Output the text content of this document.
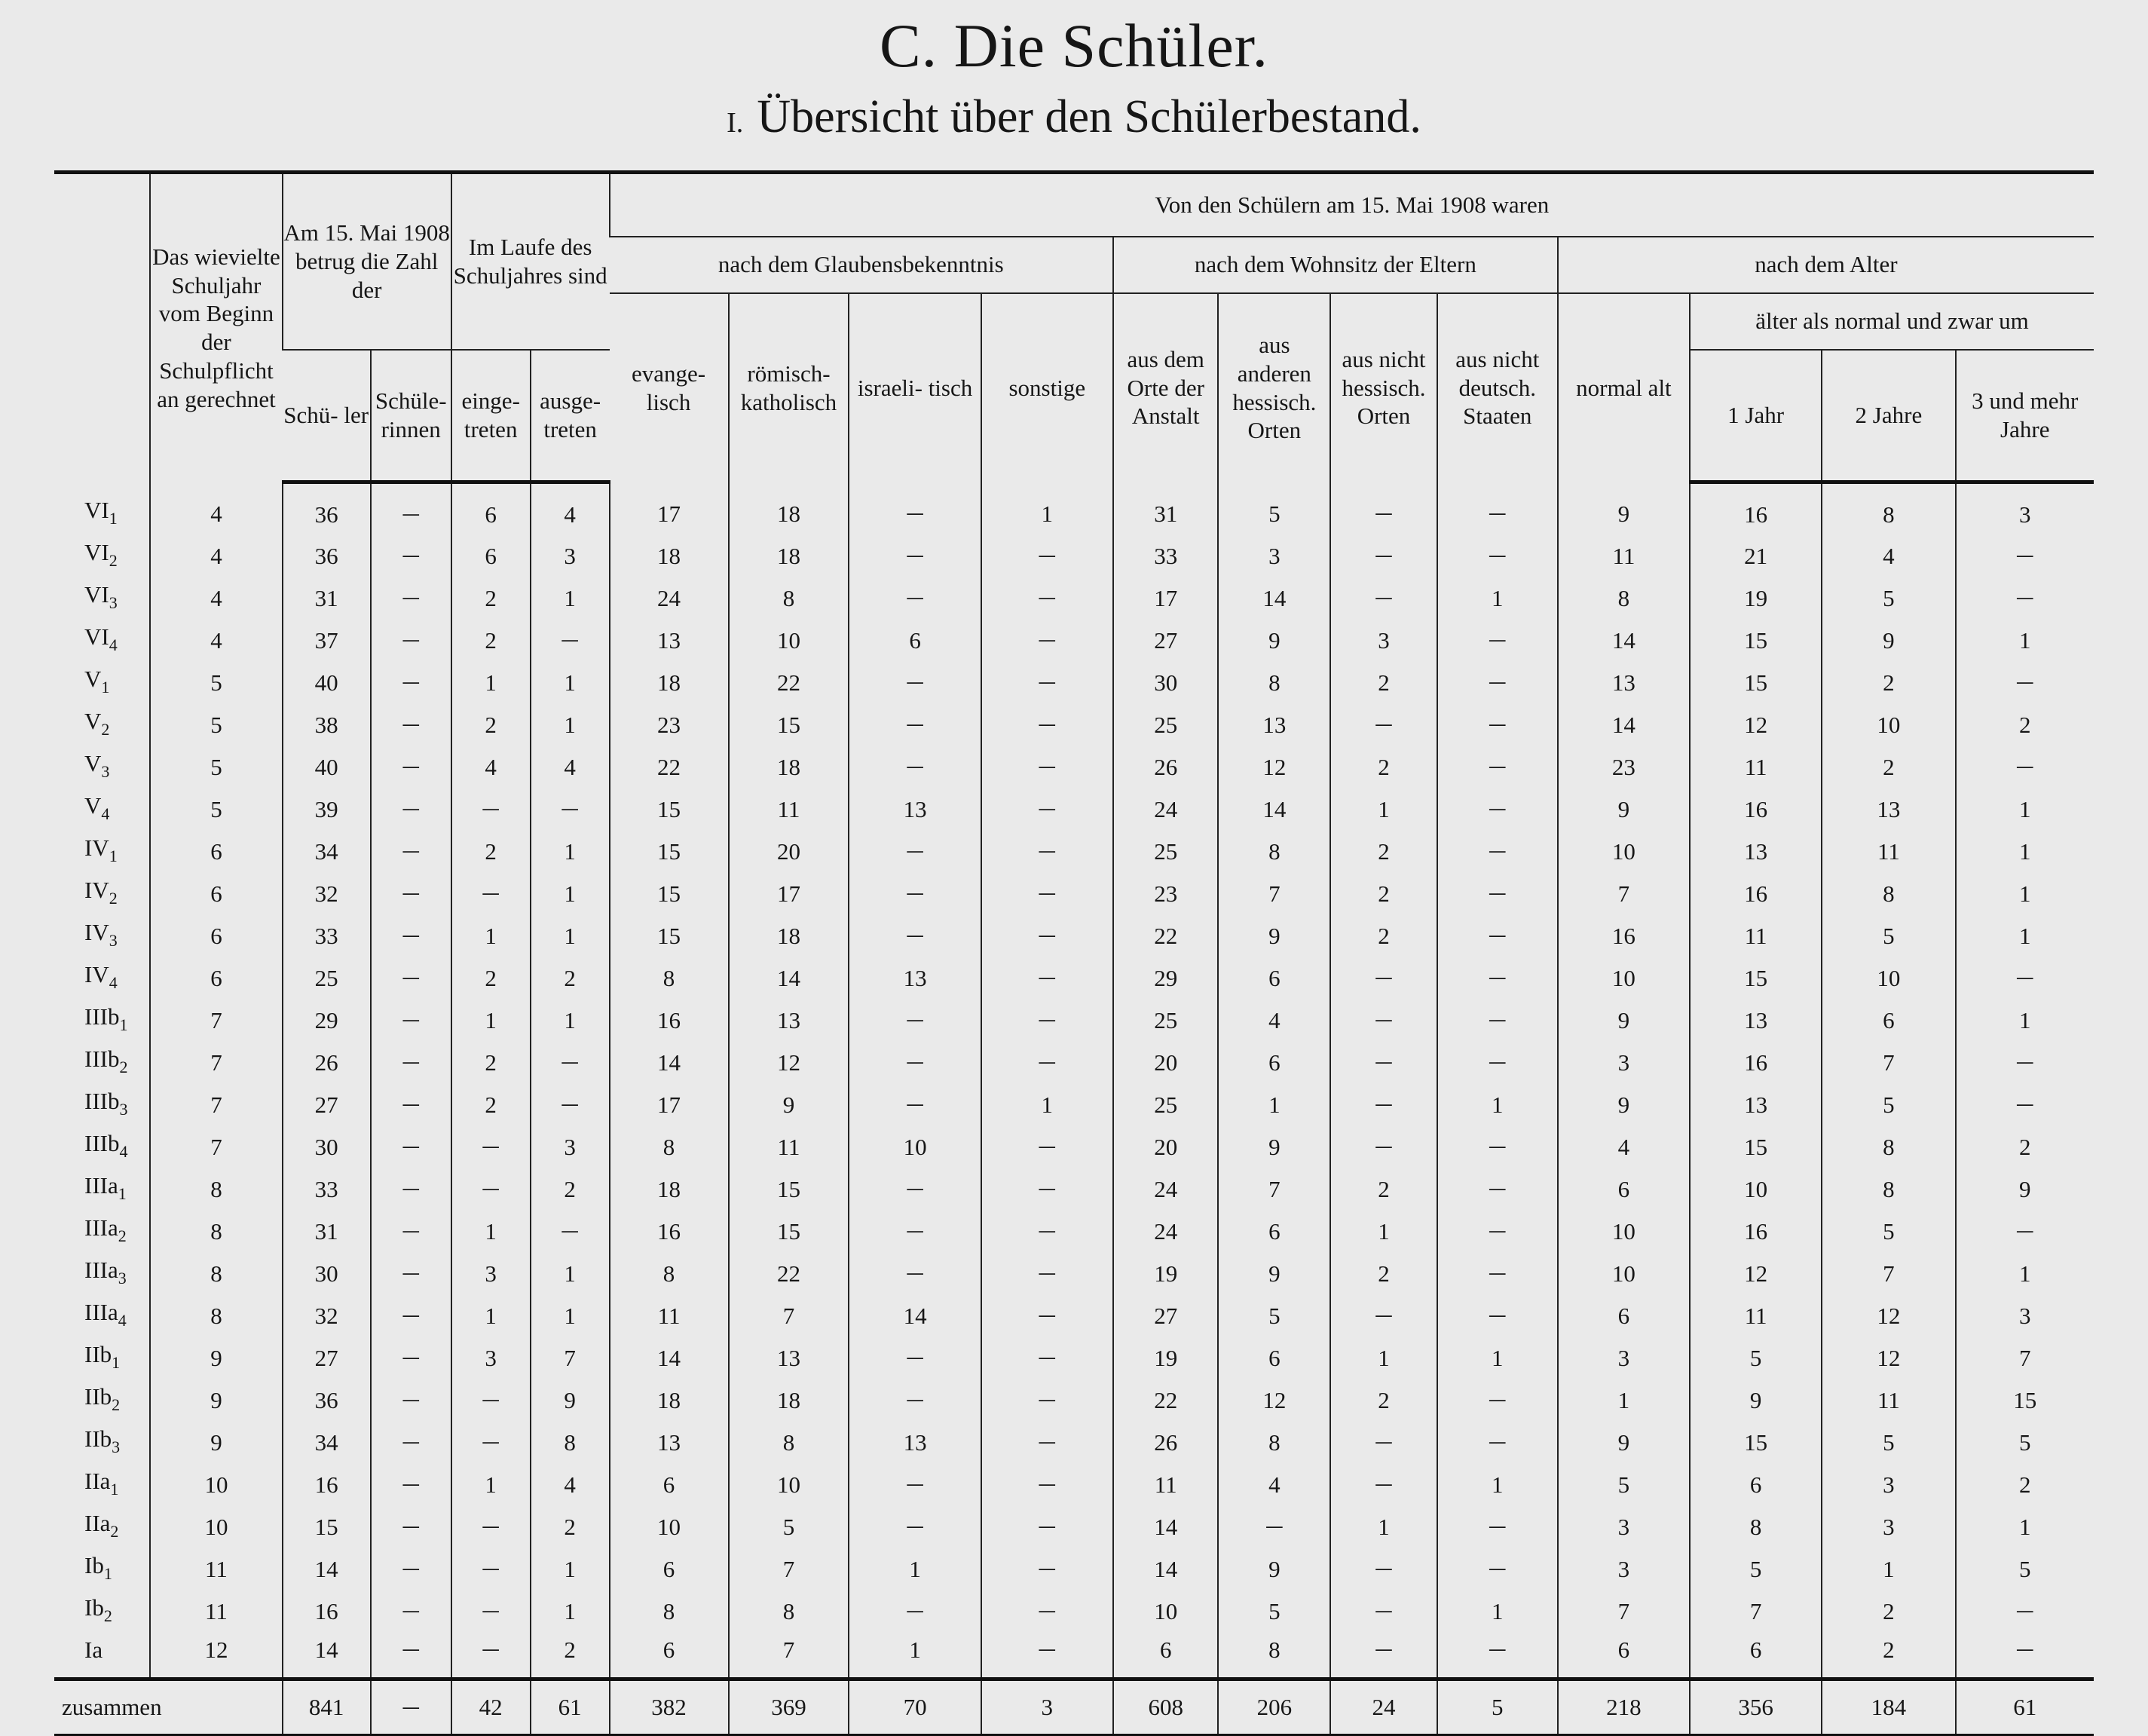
C. Die Schüler.
I. Übersicht über den Schülerbestand.
	Das wievielte Schuljahr vom Beginn der Schulpflicht an gerechnet	Am 15. Mai 1908 betrug die Zahl der		Im Laufe des Schuljahres sind		Von den Schülern am 15. Mai 1908 waren											
						nach dem Glaubensbekenntnis				nach dem Wohnsitz der Eltern				nach dem Alter			
						evange- lisch	römisch- katholisch	israeli- tisch	sonstige	aus dem Orte der Anstalt	aus anderen hessisch. Orten	aus nicht hessisch. Orten	aus nicht deutsch. Staaten	normal alt	älter als normal und zwar um		
		Schü- ler	Schüle- rinnen	einge- treten	ausge- treten										1 Jahr	2 Jahre	3 und mehr Jahre
$VI_1$	4	36	—	6	4	17	18	—	1	31	5	—	—	9	16	8	3
$VI_2$	4	36	—	6	3	18	18	—	—	33	3	—	—	11	21	4	—
$VI_3$	4	31	—	2	1	24	8	—	—	17	14	—	1	8	19	5	—
$VI_4$	4	37	—	2	—	13	10	6	—	27	9	3	—	14	15	9	1
$V_1$	5	40	—	1	1	18	22	—	—	30	8	2	—	13	15	2	—
$V_2$	5	38	—	2	1	23	15	—	—	25	13	—	—	14	12	10	2
$V_3$	5	40	—	4	4	22	18	—	—	26	12	2	—	23	11	2	—
$V_4$	5	39	—	—	—	15	11	13	—	24	14	1	—	9	16	13	1
$IV_1$	6	34	—	2	1	15	20	—	—	25	8	2	—	10	13	11	1
$IV_2$	6	32	—	—	1	15	17	—	—	23	7	2	—	7	16	8	1
$IV_3$	6	33	—	1	1	15	18	—	—	22	9	2	—	16	11	5	1
$IV_4$	6	25	—	2	2	8	14	13	—	29	6	—	—	10	15	10	—
IIIb$_1$	7	29	—	1	1	16	13	—	—	25	4	—	—	9	13	6	1
IIIb$_2$	7	26	—	2	—	14	12	—	—	20	6	—	—	3	16	7	—
IIIb$_3$	7	27	—	2	—	17	9	—	1	25	1	—	1	9	13	5	—
IIIb$_4$	7	30	—	—	3	8	11	10	—	20	9	—	—	4	15	8	2
IIIa$_1$	8	33	—	—	2	18	15	—	—	24	7	2	—	6	10	8	9
IIIa$_2$	8	31	—	1	—	16	15	—	—	24	6	1	—	10	16	5	—
IIIa$_3$	8	30	—	3	1	8	22	—	—	19	9	2	—	10	12	7	1
IIIa$_4$	8	32	—	1	1	11	7	14	—	27	5	—	—	6	11	12	3
IIb$_1$	9	27	—	3	7	14	13	—	—	19	6	1	1	3	5	12	7
IIb$_2$	9	36	—	—	9	18	18	—	—	22	12	2	—	1	9	11	15
IIb$_3$	9	34	—	—	8	13	8	13	—	26	8	—	—	9	15	5	5
IIa$_1$	10	16	—	1	4	6	10	—	—	11	4	—	1	5	6	3	2
IIa$_2$	10	15	—	—	2	10	5	—	—	14	—	1	—	3	8	3	1
$Ib_1$	11	14	—	—	1	6	7	1	—	14	9	—	—	3	5	1	5
$Ib_2$	11	16	—	—	1	8	8	—	—	10	5	—	1	7	7	2	—
Ia	12	14	—	—	2	6	7	1	—	6	8	—	—	6	6	2	—
zusammen		841	—	42	61	382	369	70	3	608	206	24	5	218	356	184	61
